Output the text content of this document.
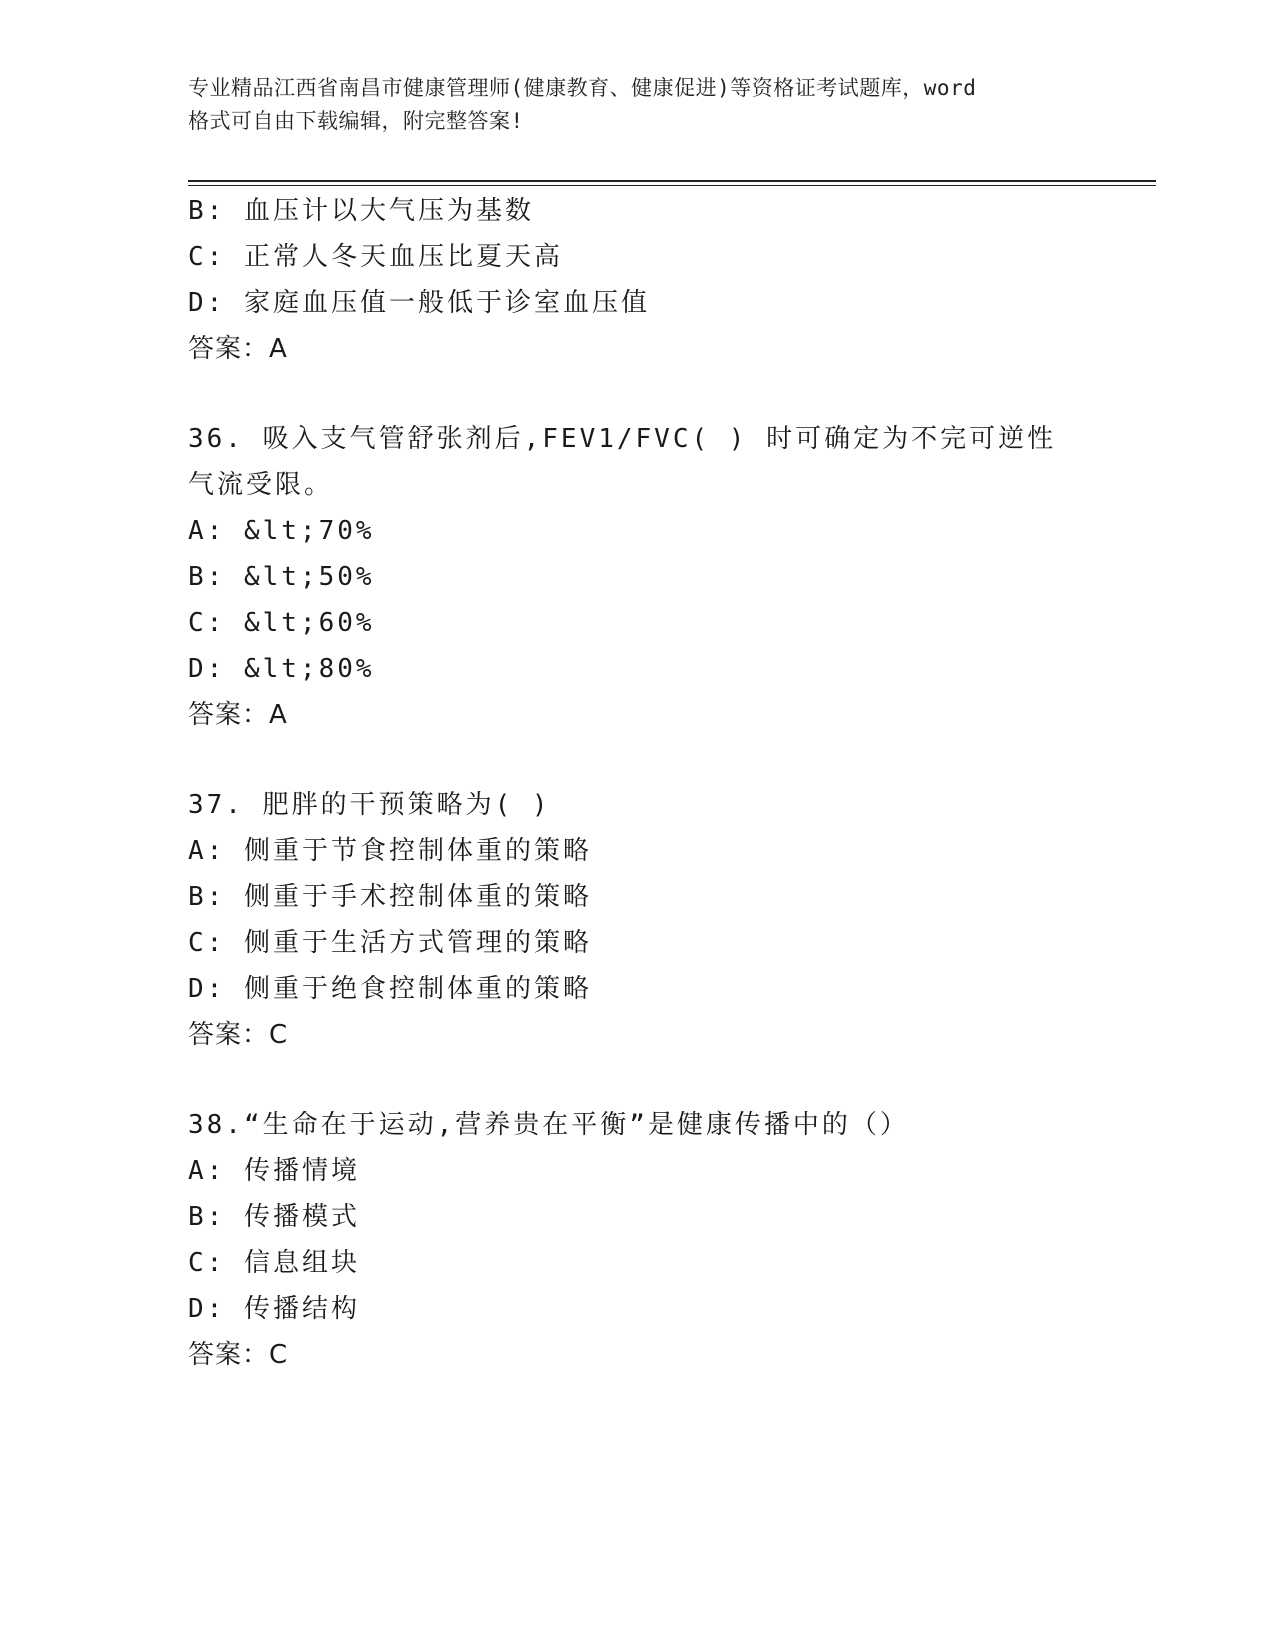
专业精品江西省南昌市健康管理师(健康教育、健康促进)等资格证考试题库，word
格式可自由下载编辑，附完整答案!
B: 血压计以大气压为基数
C: 正常人冬天血压比夏天高
D: 家庭血压值一般低于诊室血压值
答案：A
36. 吸入支气管舒张剂后,FEV1/FVC( ) 时可确定为不完可逆性
气流受限。
A: &lt;70%
B: &lt;50%
C: &lt;60%
D: &lt;80%
答案：A
37. 肥胖的干预策略为( )
A: 侧重于节食控制体重的策略
B: 侧重于手术控制体重的策略
C: 侧重于生活方式管理的策略
D: 侧重于绝食控制体重的策略
答案：C
38.“生命在于运动,营养贵在平衡”是健康传播中的（）
A: 传播情境
B: 传播模式
C: 信息组块
D: 传播结构
答案：C
